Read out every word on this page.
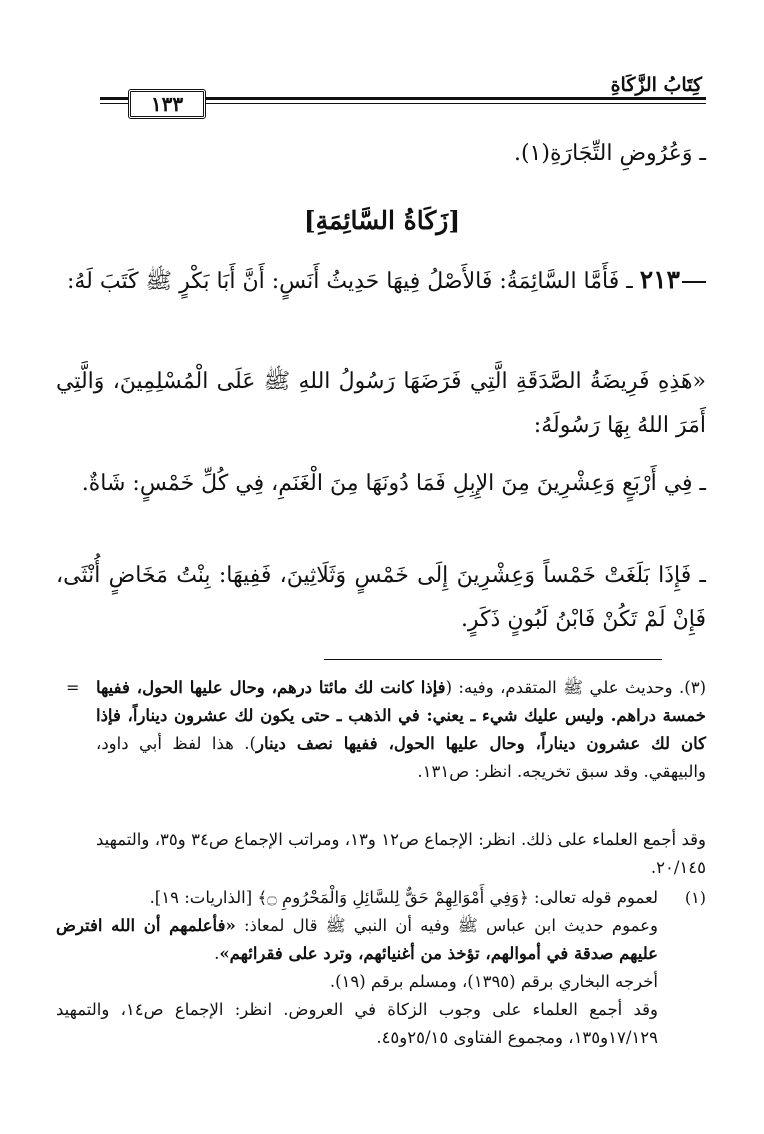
كِتَابُ الزَّكَاةِ
١٣٣
ـ وَعُرُوضِ التِّجَارَةِ(١).
[زَكَاةُ السَّائِمَةِ]
٢١٣ ـ فَأَمَّا السَّائِمَةُ: فَالأَصْلُ فِيهَا حَدِيثُ أَنَسٍ: أَنَّ أَبَا بَكْرٍ ﷺ كَتَبَ لَهُ:
«هَذِهِ فَرِيضَةُ الصَّدَقَةِ الَّتِي فَرَضَهَا رَسُولُ اللهِ ﷺ عَلَى الْمُسْلِمِينَ، وَالَّتِي أَمَرَ اللهُ بِهَا رَسُولَهُ:
ـ فِي أَرْبَعٍ وَعِشْرِينَ مِنَ الإِبِلِ فَمَا دُونَهَا مِنَ الْغَنَمِ، فِي كُلِّ خَمْسٍ: شَاةٌ.
ـ فَإِذَا بَلَغَتْ خَمْساً وَعِشْرِينَ إِلَى خَمْسٍ وَثَلَاثِينَ، فَفِيهَا: بِنْتُ مَخَاضٍ أُنْثَى، فَإِنْ لَمْ تَكُنْ فَابْنُ لَبُونٍ ذَكَرٍ.
=	(٣). وحديث علي ﷺ المتقدم، وفيه: (فإذا كانت لك مائتا درهم، وحال عليها الحول، ففيها خمسة دراهم. وليس عليك شيء ـ يعني: في الذهب ـ حتى يكون لك عشرون ديناراً، فإذا كان لك عشرون ديناراً، وحال عليها الحول، ففيها نصف دينار). هذا لفظ أبي داود، والبيهقي. وقد سبق تخريجه. انظر: ص١٣١.
وقد أجمع العلماء على ذلك. انظر: الإجماع ص١٢ و١٣، ومراتب الإجماع ص٣٤ و٣٥، والتمهيد ٢٠/١٤٥.
(١)
لعموم قوله تعالى: ﴿وَفِي أَمْوَالِهِمْ حَقٌّ لِلسَّائِلِ وَالْمَحْرُومِ ۝﴾ [الذاريات: ١٩].
وعموم حديث ابن عباس ﷺ وفيه أن النبي ﷺ قال لمعاذ: «فأعلمهم أن الله افترض عليهم صدقة في أموالهم، تؤخذ من أغنيائهم، وترد على فقرائهم».
أخرجه البخاري برقم (١٣٩٥)، ومسلم برقم (١٩).
وقد أجمع العلماء على وجوب الزكاة في العروض. انظر: الإجماع ص١٤، والتمهيد ١٧/١٢٩و١٣٥، ومجموع الفتاوى ٢٥/١٥و٤٥.
